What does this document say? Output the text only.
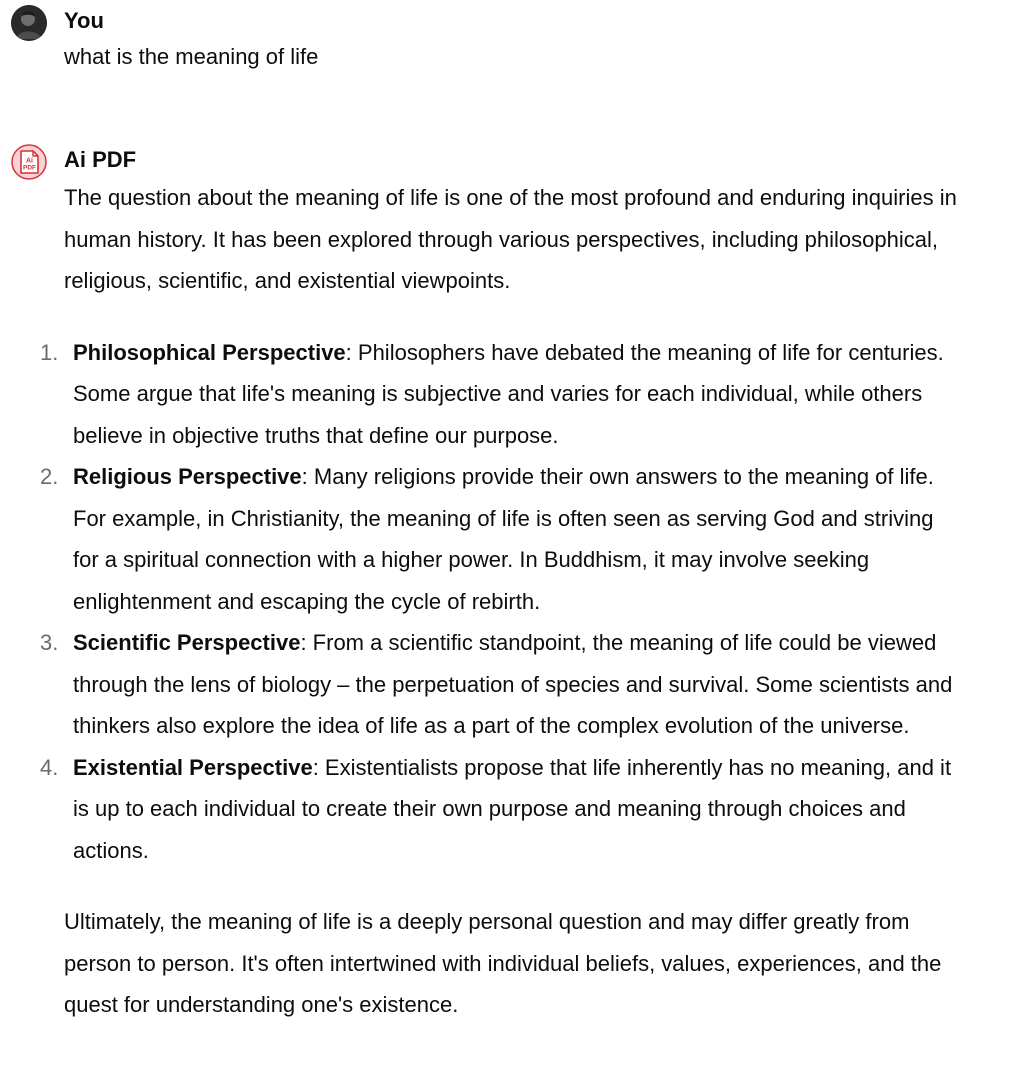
You
what is the meaning of life
Ai
PDF Ai PDF

The question about the meaning of life is one of the most profound and enduring inquiries in human history. It has been explored through various perspectives, including philosophical, religious, scientific, and existential viewpoints.

1. Philosophical Perspective: Philosophers have debated the meaning of life for centuries. Some argue that life's meaning is subjective and varies for each individual, while others believe in objective truths that define our purpose.
2. Religious Perspective: Many religions provide their own answers to the meaning of life. For example, in Christianity, the meaning of life is often seen as serving God and striving for a spiritual connection with a higher power. In Buddhism, it may involve seeking enlightenment and escaping the cycle of rebirth.
3. Scientific Perspective: From a scientific standpoint, the meaning of life could be viewed through the lens of biology – the perpetuation of species and survival. Some scientists and thinkers also explore the idea of life as a part of the complex evolution of the universe.
4. Existential Perspective: Existentialists propose that life inherently has no meaning, and it is up to each individual to create their own purpose and meaning through choices and actions.

Ultimately, the meaning of life is a deeply personal question and may differ greatly from person to person. It's often intertwined with individual beliefs, values, experiences, and the quest for understanding one's existence.
